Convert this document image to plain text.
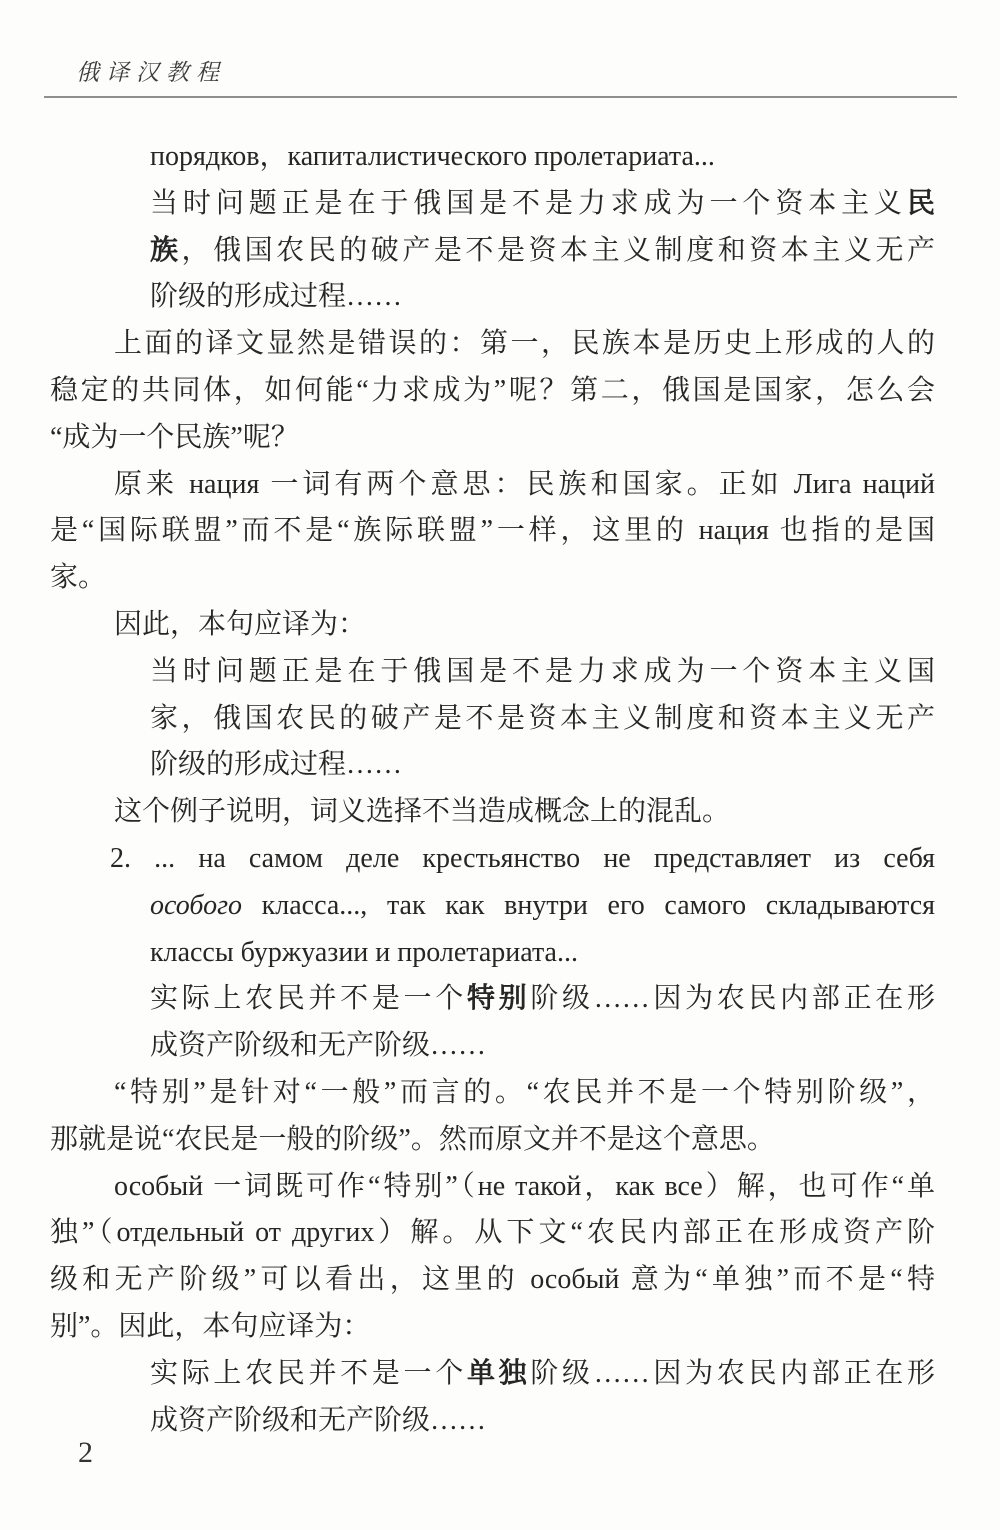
俄译汉教程
порядков，капиталистического пролетариата...
当时问题正是在于俄国是不是力求成为一个资本主义民
族，俄国农民的破产是不是资本主义制度和资本主义无产
阶级的形成过程……
上面的译文显然是错误的：第一，民族本是历史上形成的人的
稳定的共同体，如何能“力求成为”呢？第二，俄国是国家，怎么会
“成为一个民族”呢？
原来 нация 一词有两个意思：民族和国家。正如 Лига наций
是“国际联盟”而不是“族际联盟”一样，这里的 нация 也指的是国
家。
因此，本句应译为：
当时问题正是在于俄国是不是力求成为一个资本主义国
家，俄国农民的破产是不是资本主义制度和资本主义无产
阶级的形成过程……
这个例子说明，词义选择不当造成概念上的混乱。
2. ... на самом деле крестьянство не представляет из себя
особого класса..., так как внутри его самого складываются
классы буржуазии и пролетариата...
实际上农民并不是一个特别阶级……因为农民内部正在形
成资产阶级和无产阶级……
“特别”是针对“一般”而言的。“农民并不是一个特别阶级”，
那就是说“农民是一般的阶级”。然而原文并不是这个意思。
особый 一词既可作“特别”（не такой，как все）解，也可作“单
独”（отдельный от других）解。从下文“农民内部正在形成资产阶
级和无产阶级”可以看出，这里的 особый 意为“单独”而不是“特
别”。因此，本句应译为：
实际上农民并不是一个单独阶级……因为农民内部正在形
成资产阶级和无产阶级……
2
